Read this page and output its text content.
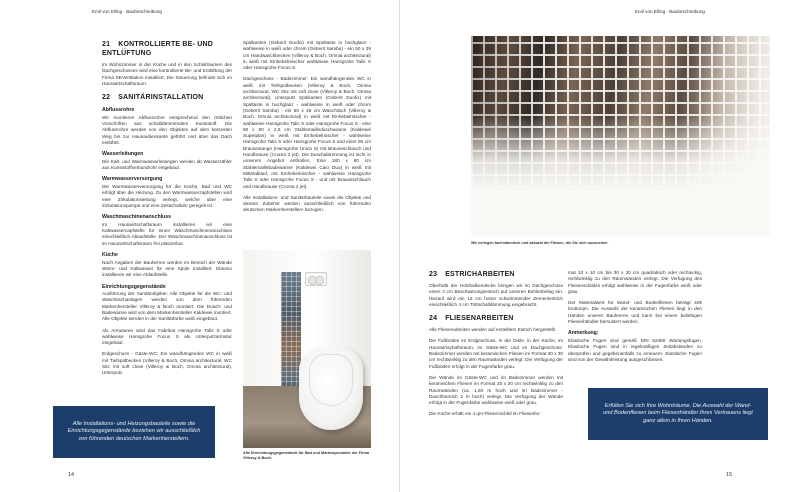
Emil von Elling · Baubeschreibung
21 KONTROLLIERTE BE- UND ENTLÜFTUNG

Im Wohnzimmer in der Küche und in den Schlafräumen des Dachgeschosses wird eine kontrollierte Be- und Entlüftung der Firma SEVentilation installiert. Die Steuerung befindet sich im Hauswirtschaftsraum.

22 SANITÄRINSTALLATION
Abflussrohre

Wir montieren Abflussrohre entsprechend den örtlichen Vorschriften aus schalldämmendem Kunststoff. Die Abflussrohre werden von den Objekten auf dem kürzesten Weg bis zur Hausaußenkante geführt und über das Dach entlüftet.

Wasserleitungen

Die Kalt- und Warmwasserleitungen werden ab Wasserzähler aus Kunststoffverbundrohr eingebaut.

Warmwasserversorgung

Die Warmwasserversorgung für die Küche, Bad und WC erfolgt über die Heizung. Zu den Warmwasserzapfstellen wird eine Zirkulationsleitung verlegt, welche über eine Zirkulationspumpe und eine Zeitschaltuhr geregelt ist.

Waschmaschinenanschluss

Im Hauswirtschaftsraum installieren wir eine Kaltwasserzapfstelle für einen Waschmaschinenanschluss einschließlich Ablaufstelle. Der Waschmaschinenanschluss ist im Hauswirtschaftsraum frei platzierbar.

Küche

Nach Angaben der Bauherren werden im Bereich der Wände Warm- und Kaltwasser für eine Spüle installiert. Ebenso installieren wir eine Ablaufstelle.

Einrichtungsgegenstände

Ausführung der Sanitärobjekte: Alle Objekte für die WC- und Waschtischanlagen werden von dem führenden Markenhersteller Villeroy & Boch montiert. Die Dusch- und Badewanne wird von dem Markenhersteller Kaldewei montiert. Alle Objekte werden in der Sanitärfarbe weiß eingebaut.

Als Armaturen wird das Fabrikat Hansgrohe Talis S oder wahlweise Hansgrohe Focus S als Unterputzarmatur eingebaut.

Erdgeschoss - Gäste-WC: Ein wandhängendes WC in weiß mit Tiefspülbecken (Villeroy & Boch, Omnia architectural, WC Sitz mit soft close (Villeroy & Boch, Omnia architectural), Unterputz

Spülkasten (Geberit Duofix) mit Spültaste in hochglanz - wahlweise in weiß oder chrom (Geberit Samba) - ein 50 x 39 cm Handwaschbecken (Villeroy & Boch, Omnia architectural) in weiß mit Einhebelmischer wahlweise Hansgrohe Talis S oder Hansgrohe Focus S.

Dachgeschoss - Badezimmer: Ein wandhängendes WC in weiß mit Tiefspülbecken (Villeroy & Boch, Omnia architectural, WC Sitz mit soft close (Villeroy & Boch, Omnia architectural), Unterputz Spülkasten (Geberit Duofix) mit Spültaste in hochglanz - wahlweise in weiß oder chrom (Geberit Samba) - ein 60 x 48 cm Waschtisch (Villeroy & Boch, Omnia architectural) in weiß mit Einhebelmischer - wahlweise Hansgrohe Talis S oder Hansgrohe Focus S - eine 90 x 90 x 2,5 cm Stahlemailleduschwanne (Kaldewei Superplan) in weiß mit Einhebelmischer - wahlweise Hansgrohe Talis S oder Hansgrohe Focus S und einer 90 cm Brausestange (Hansgrohe Unica S) mit Brauseschlauch und Handbrause (Croma 2 jet). Die Duschabtrennung ist nicht in unserem Angebot enthalten. Eine 180 x 80 cm Stahlemaillebadewanne (Kaldewei Caio Duo) in weiß mit Mittelablauf, mit Einhebelmischer - wahlweise Hansgrohe Talis S oder Hansgrohe Focus S - und mit Brauseschlauch und Handbrause (Croma 2 jet).

Alle Installations- und Sanitärbauteile sowie die Objekte und dessen Zubehör werden ausschließlich von führenden deutschen Markenherstellern bezogen.

Alle Einrichtungsgegenstände für Bad und Markenprodukte der Firma Villeroy & Boch.
Alle Installations- und Heizungsbauteile sowie die Einrichtungsgegenstände beziehen wir ausschließlich von führenden deutschen Markenherstellern.
14
Emil von Elling · Baubeschreibung
Wir verlegen fachmännisch und akkurat die Fliesen, die Sie sich aussuchen.
23 ESTRICHARBEITEN

Oberhalb der Holzbalkendecke bringen wir im Dachgeschoss einen 4 cm Beschwerungsestrich auf unseren Bohlenbelag ein. Hierauf wird ein 12 cm hoher schwimmender Zementestrich einschließlich 4 cm Trittschalldämmung eingebracht.

24 FLIESENARBEITEN

Alle Fliesenarbeiten werden auf erstelltem Estrich hergestellt.

Die Fußböden im Erdgeschoss, in der Diele, in der Küche, im Hauswirtschaftsraum, im Gäste-WC und im Dachgeschoss-Badezimmer werden mit keramischen Fliesen im Format 30 x 30 cm rechtwinklig zu den Raumwänden verlegt. Die Verfugung der Fußböden erfolgt in der Fugenfarbe grau.

Die Wände im Gäste-WC und im Badezimmer werden mit keramischen Fliesen im Format 20 x 20 cm rechtwinklig zu den Raumwänden (ca. 1,50 m hoch und im Badezimmer -Duschbereich 2 m hoch) verlegt. Die Verfugung der Wände erfolgt in der Fugenfarbe wahlweise weiß oder grau.

Die Küche erhält ein 4 qm-Fliesenschild im Fliesenfor-

mat 10 x 10 cm bis 30 x 30 cm quadratisch oder rechteckig, rechtwinklig zu den Raumwänden verlegt. Die Verfugung des Fliesenschildes erfolgt wahlweise in der Fugenfarbe weiß oder grau.

Der Materialwert für Wand- und Bodenfliesen beträgt 40€ brutto/qm. Die Auswahl der keramischen Fliesen liegt in den Händen unserer Bauherren und kann bei einem beliebigen Fliesenhändler bemustert werden.

Anmerkung:

Elastische Fugen sind gemäß DIN 52460 Wartungsfugen. Elastische Fugen sind in regelmäßigen Zeitabständen zu überprüfen und gegebenenfalls zu erneuern. Elastische Fugen sind von der Gewährleistung ausgeschlossen.

Erfüllen Sie sich Ihre Wohnträume. Die Auswahl der Wand- und Bodenfliesen beim Fliesenhändler Ihres Vertrauens liegt ganz allein in Ihren Händen.
15
